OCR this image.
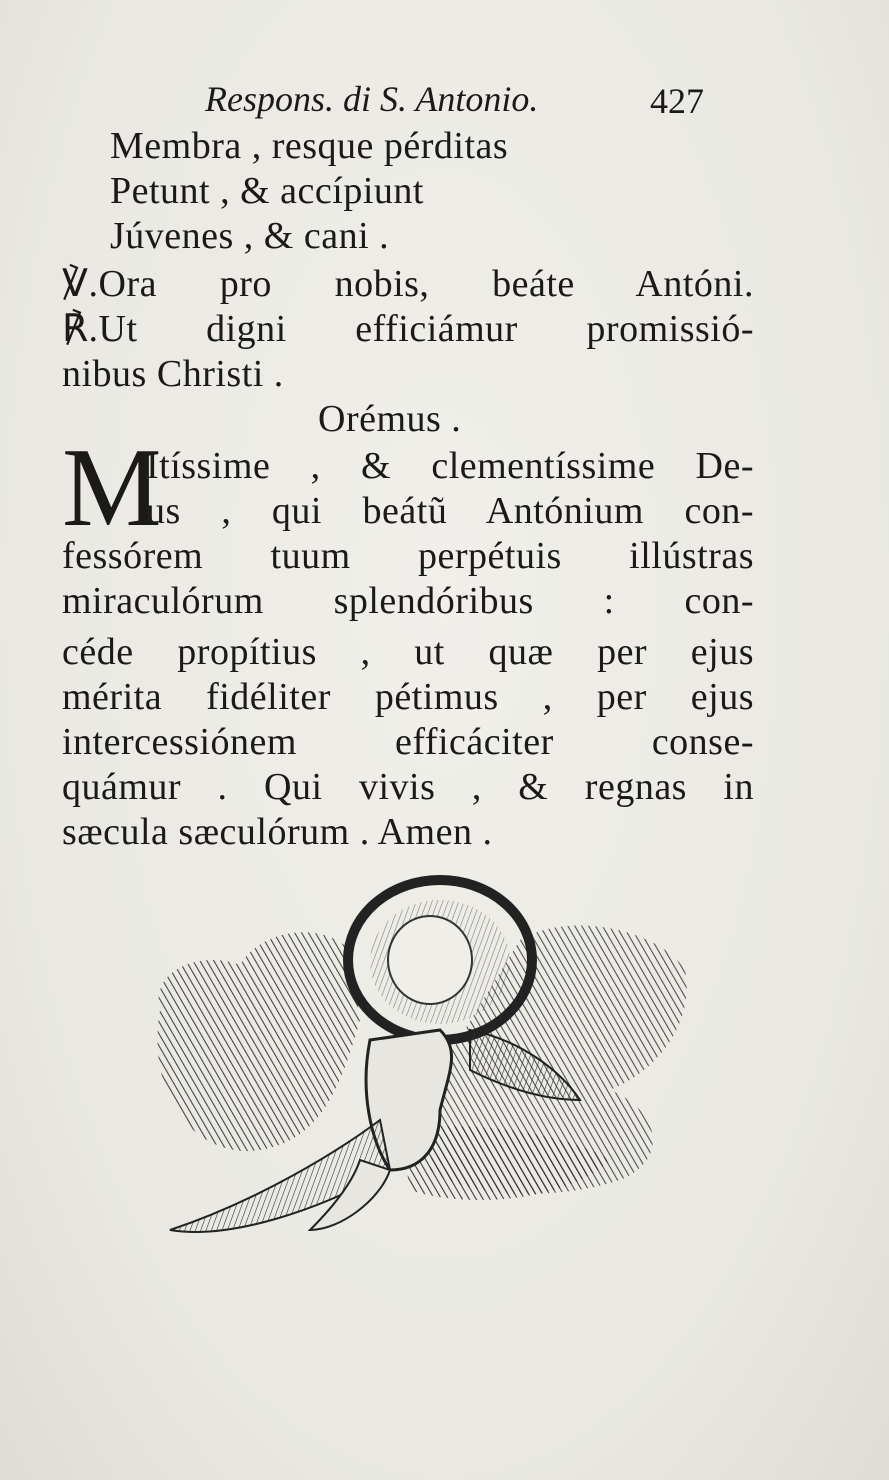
Respons. di S. Antonio.	427
Membra , resque pérditas
Petunt , & accípiunt
Júvenes , & cani .
℣.Ora pro nobis, beáte Antóni.
℟.Ut digni efficiámur promissió-
nibus Christi .
Orémus .
M
Itíssime , & clementíssime De-
us , qui beátũ Antónium con-
fessórem tuum perpétuis illústras
miraculórum splendóribus : con-
céde propítius , ut quæ per ejus
mérita fidéliter pétimus , per ejus
intercessiónem efficáciter conse-
quámur . Qui vivis , & regnas in
sæcula sæculórum . Amen .
